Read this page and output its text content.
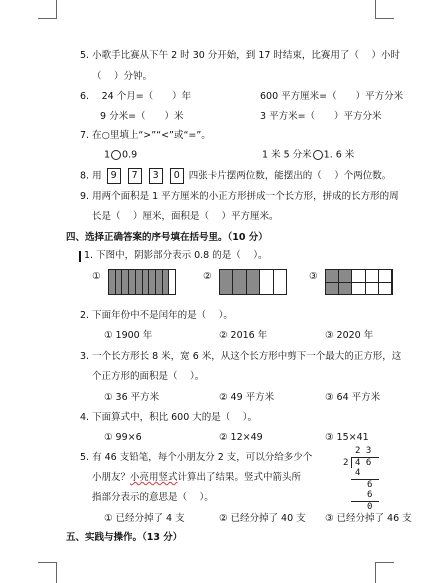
5. 小歌手比赛从下午 2 时 30 分开始，到 17 时结束，比赛用了（　 ）小时
（　 ）分钟。
6.　 24 个月=（　　）年	600 平方厘米=（　　）平方分米
9 分米=（　　）米	3 平方米=（　　）平方分米
7. 在○里填上“>”“<”或“=”。
1 0.9	1 米 5 分米 1. 6 米
8. 用 9 7 3 0 四张卡片摆两位数，能摆出的（　 ）个两位数。
9. 用两个面积是 1 平方厘米的小正方形拼成一个长方形，拼成的长方形的周
长是（　 ）厘米，面积是（　 ）平方厘米。
四、选择正确答案的序号填在括号里。（10 分）
1. 下图中，阴影部分表示 0.8 的是（　 ）。
①	②	③
2. 下面年份中不是闰年的是（　 ）。
① 1900 年	② 2016 年	③ 2020 年
3. 一个长方形长 8 米，宽 6 米，从这个长方形中剪下一个最大的正方形，这
个正方形的面积是（　 ）。
① 36 平方米	② 49 平方米	③ 64 平方米
4. 下面算式中，积比 600 大的是（　 ）。
① 99×6	② 12×49	③ 15×41
5. 有 46 支铅笔，每个小朋友分 2 支，可以分给多少个
小朋友？小亮用竖式计算出了结果。竖式中箭头所
指部分表示的意思是（　 ）。
① 已经分掉了 4 支	② 已经分掉了 40 支 ③ 已经分掉了 46 支
2 3
2 4 6
4
6
6
0
五、实践与操作。（13 分）
